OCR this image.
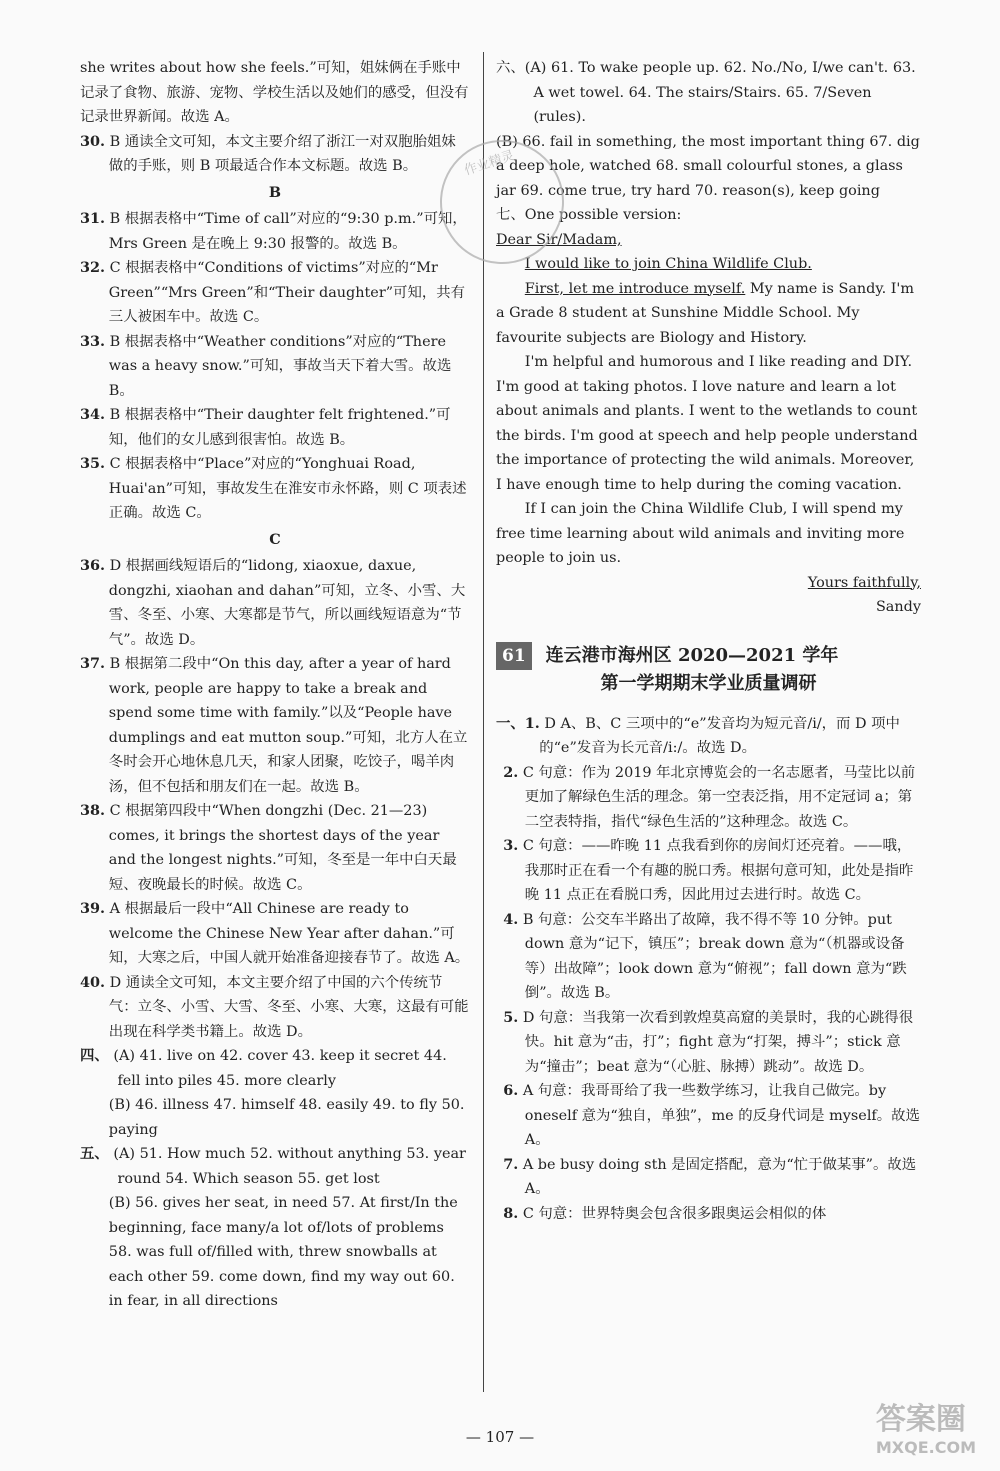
she writes about how she feels.”可知，姐妹俩在手账中记录了食物、旅游、宠物、学校生活以及她们的感受，但没有记录世界新闻。故选 A。

30. B 通读全文可知，本文主要介绍了浙江一对双胞胎姐妹做的手账，则 B 项最适合作本文标题。故选 B。

B

31. B 根据表格中“Time of call”对应的“9:30 p.m.”可知，Mrs Green 是在晚上 9:30 报警的。故选 B。

32. C 根据表格中“Conditions of victims”对应的“Mr Green”“Mrs Green”和“Their daughter”可知，共有三人被困车中。故选 C。

33. B 根据表格中“Weather conditions”对应的“There was a heavy snow.”可知，事故当天下着大雪。故选 B。

34. B 根据表格中“Their daughter felt frightened.”可知，他们的女儿感到很害怕。故选 B。

35. C 根据表格中“Place”对应的“Yonghuai Road, Huai'an”可知，事故发生在淮安市永怀路，则 C 项表述正确。故选 C。

C

36. D 根据画线短语后的“lidong, xiaoxue, daxue, dongzhi, xiaohan and dahan”可知，立冬、小雪、大雪、冬至、小寒、大寒都是节气，所以画线短语意为“节气”。故选 D。

37. B 根据第二段中“On this day, after a year of hard work, people are happy to take a break and spend some time with family.”以及“People have dumplings and eat mutton soup.”可知，北方人在立冬时会开心地休息几天，和家人团聚，吃饺子，喝羊肉汤，但不包括和朋友们在一起。故选 B。

38. C 根据第四段中“When dongzhi (Dec. 21—23) comes, it brings the shortest days of the year and the longest nights.”可知，冬至是一年中白天最短、夜晚最长的时候。故选 C。

39. A 根据最后一段中“All Chinese are ready to welcome the Chinese New Year after dahan.”可知，大寒之后，中国人就开始准备迎接春节了。故选 A。

40. D 通读全文可知，本文主要介绍了中国的六个传统节气：立冬、小雪、大雪、冬至、小寒、大寒，这最有可能出现在科学类书籍上。故选 D。

四、 (A) 41. live on 42. cover 43. keep it secret 44. fell into piles 45. more clearly

(B) 46. illness 47. himself 48. easily 49. to fly 50. paying

五、 (A) 51. How much 52. without anything 53. year round 54. Which season 55. get lost

(B) 56. gives her seat, in need 57. At first/In the beginning, face many/a lot of/lots of problems 58. was full of/filled with, threw snowballs at each other 59. come down, find my way out 60. in fear, in all directions

六、(A) 61. To wake people up. 62. No./No, I/we can't. 63. A wet towel. 64. The stairs/Stairs. 65. 7/Seven (rules).

(B) 66. fail in something, the most important thing 67. dig a deep hole, watched 68. small colourful stones, a glass jar 69. come true, try hard 70. reason(s), keep going

七、One possible version:

Dear Sir/Madam,

I would like to join China Wildlife Club.

First, let me introduce myself. My name is Sandy. I'm a Grade 8 student at Sunshine Middle School. My favourite subjects are Biology and History.

I'm helpful and humorous and I like reading and DIY. I'm good at taking photos. I love nature and learn a lot about animals and plants. I went to the wetlands to count the birds. I'm good at speech and help people understand the importance of protecting the wild animals. Moreover, I have enough time to help during the coming vacation.

If I can join the China Wildlife Club, I will spend my free time learning about wild animals and inviting more people to join us.

Yours faithfully,

Sandy

61 连云港市海州区 2020—2021 学年
第一学期期末学业质量调研

一、1. D A、B、C 三项中的“e”发音均为短元音/i/，而 D 项中的“e”发音为长元音/i:/。故选 D。

2. C 句意：作为 2019 年北京博览会的一名志愿者，马莹比以前更加了解绿色生活的理念。第一空表泛指，用不定冠词 a；第二空表特指，指代“绿色生活的”这种理念。故选 C。

3. C 句意：——昨晚 11 点我看到你的房间灯还亮着。——哦，我那时正在看一个有趣的脱口秀。根据句意可知，此处是指昨晚 11 点正在看脱口秀，因此用过去进行时。故选 C。

4. B 句意：公交车半路出了故障，我不得不等 10 分钟。put down 意为“记下，镇压”；break down 意为“（机器或设备等）出故障”；look down 意为“俯视”；fall down 意为“跌倒”。故选 B。

5. D 句意：当我第一次看到敦煌莫高窟的美景时，我的心跳得很快。hit 意为“击，打”；fight 意为“打架，搏斗”；stick 意为“撞击”；beat 意为“（心脏、脉搏）跳动”。故选 D。

6. A 句意：我哥哥给了我一些数学练习，让我自己做完。by oneself 意为“独自，单独”，me 的反身代词是 myself。故选 A。

7. A be busy doing sth 是固定搭配，意为“忙于做某事”。故选 A。

8. C 句意：世界特奥会包含很多跟奥运会相似的体

作业精灵
— 107 —	答案圈
MXQE.COM
